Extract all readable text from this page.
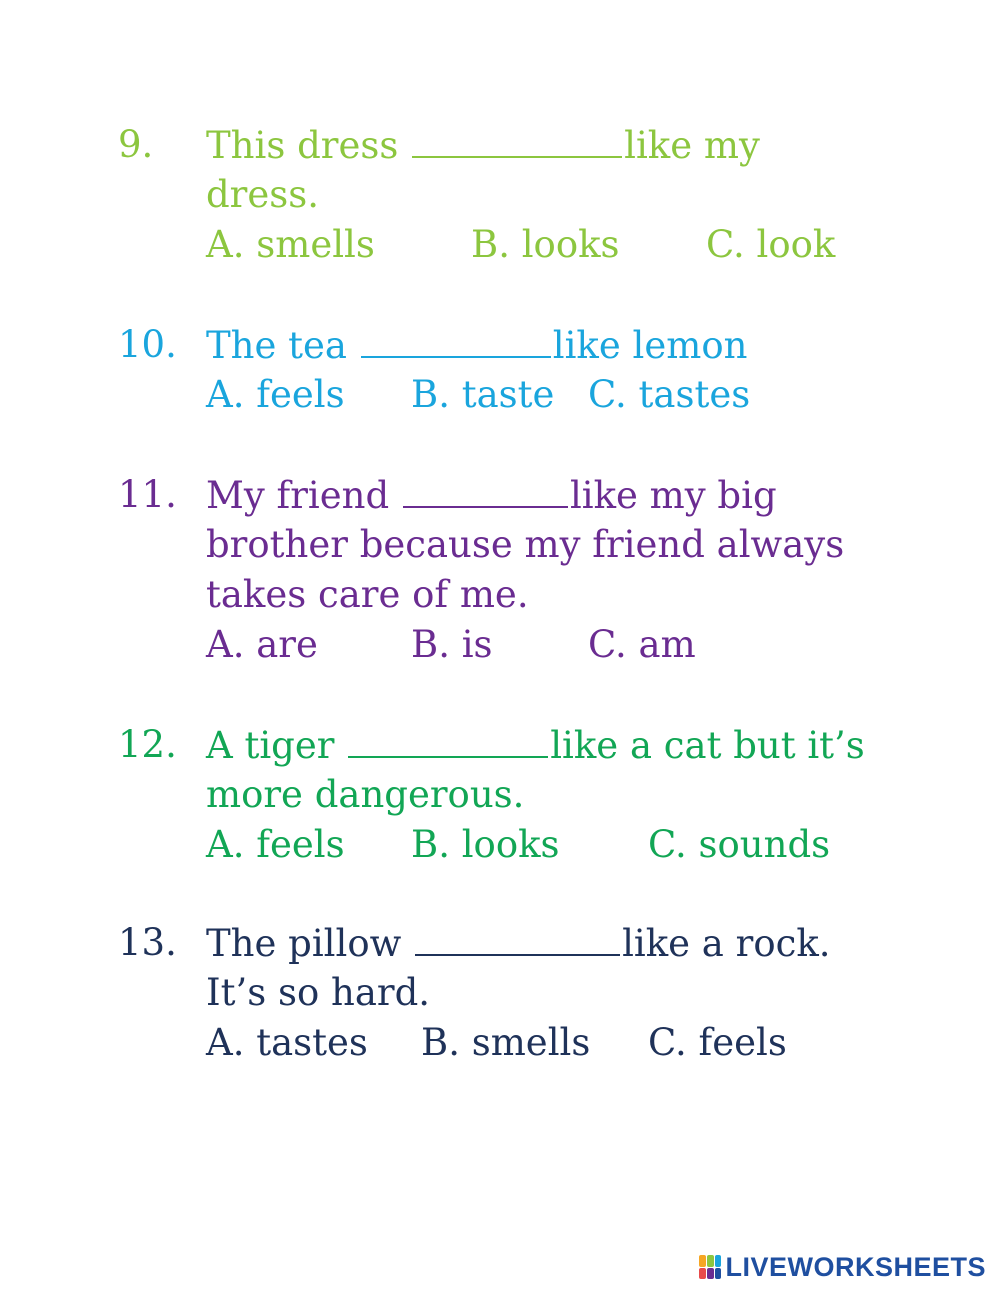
9. This dress	like my
dress.
A. smells	B. looks C. look
10. The tea	like lemon
A. feels B. taste C. tastes
11. My friend	like my big
brother because my friend always
takes care of me.
A. are	B. is	C. am
12. A tiger	like a cat but it’s
more dangerous.
A. feels B. looks C. sounds
13. The pillow	like a rock.
It’s so hard.
A. tastes B. smells C. feels
LIVEWORKSHEETS
